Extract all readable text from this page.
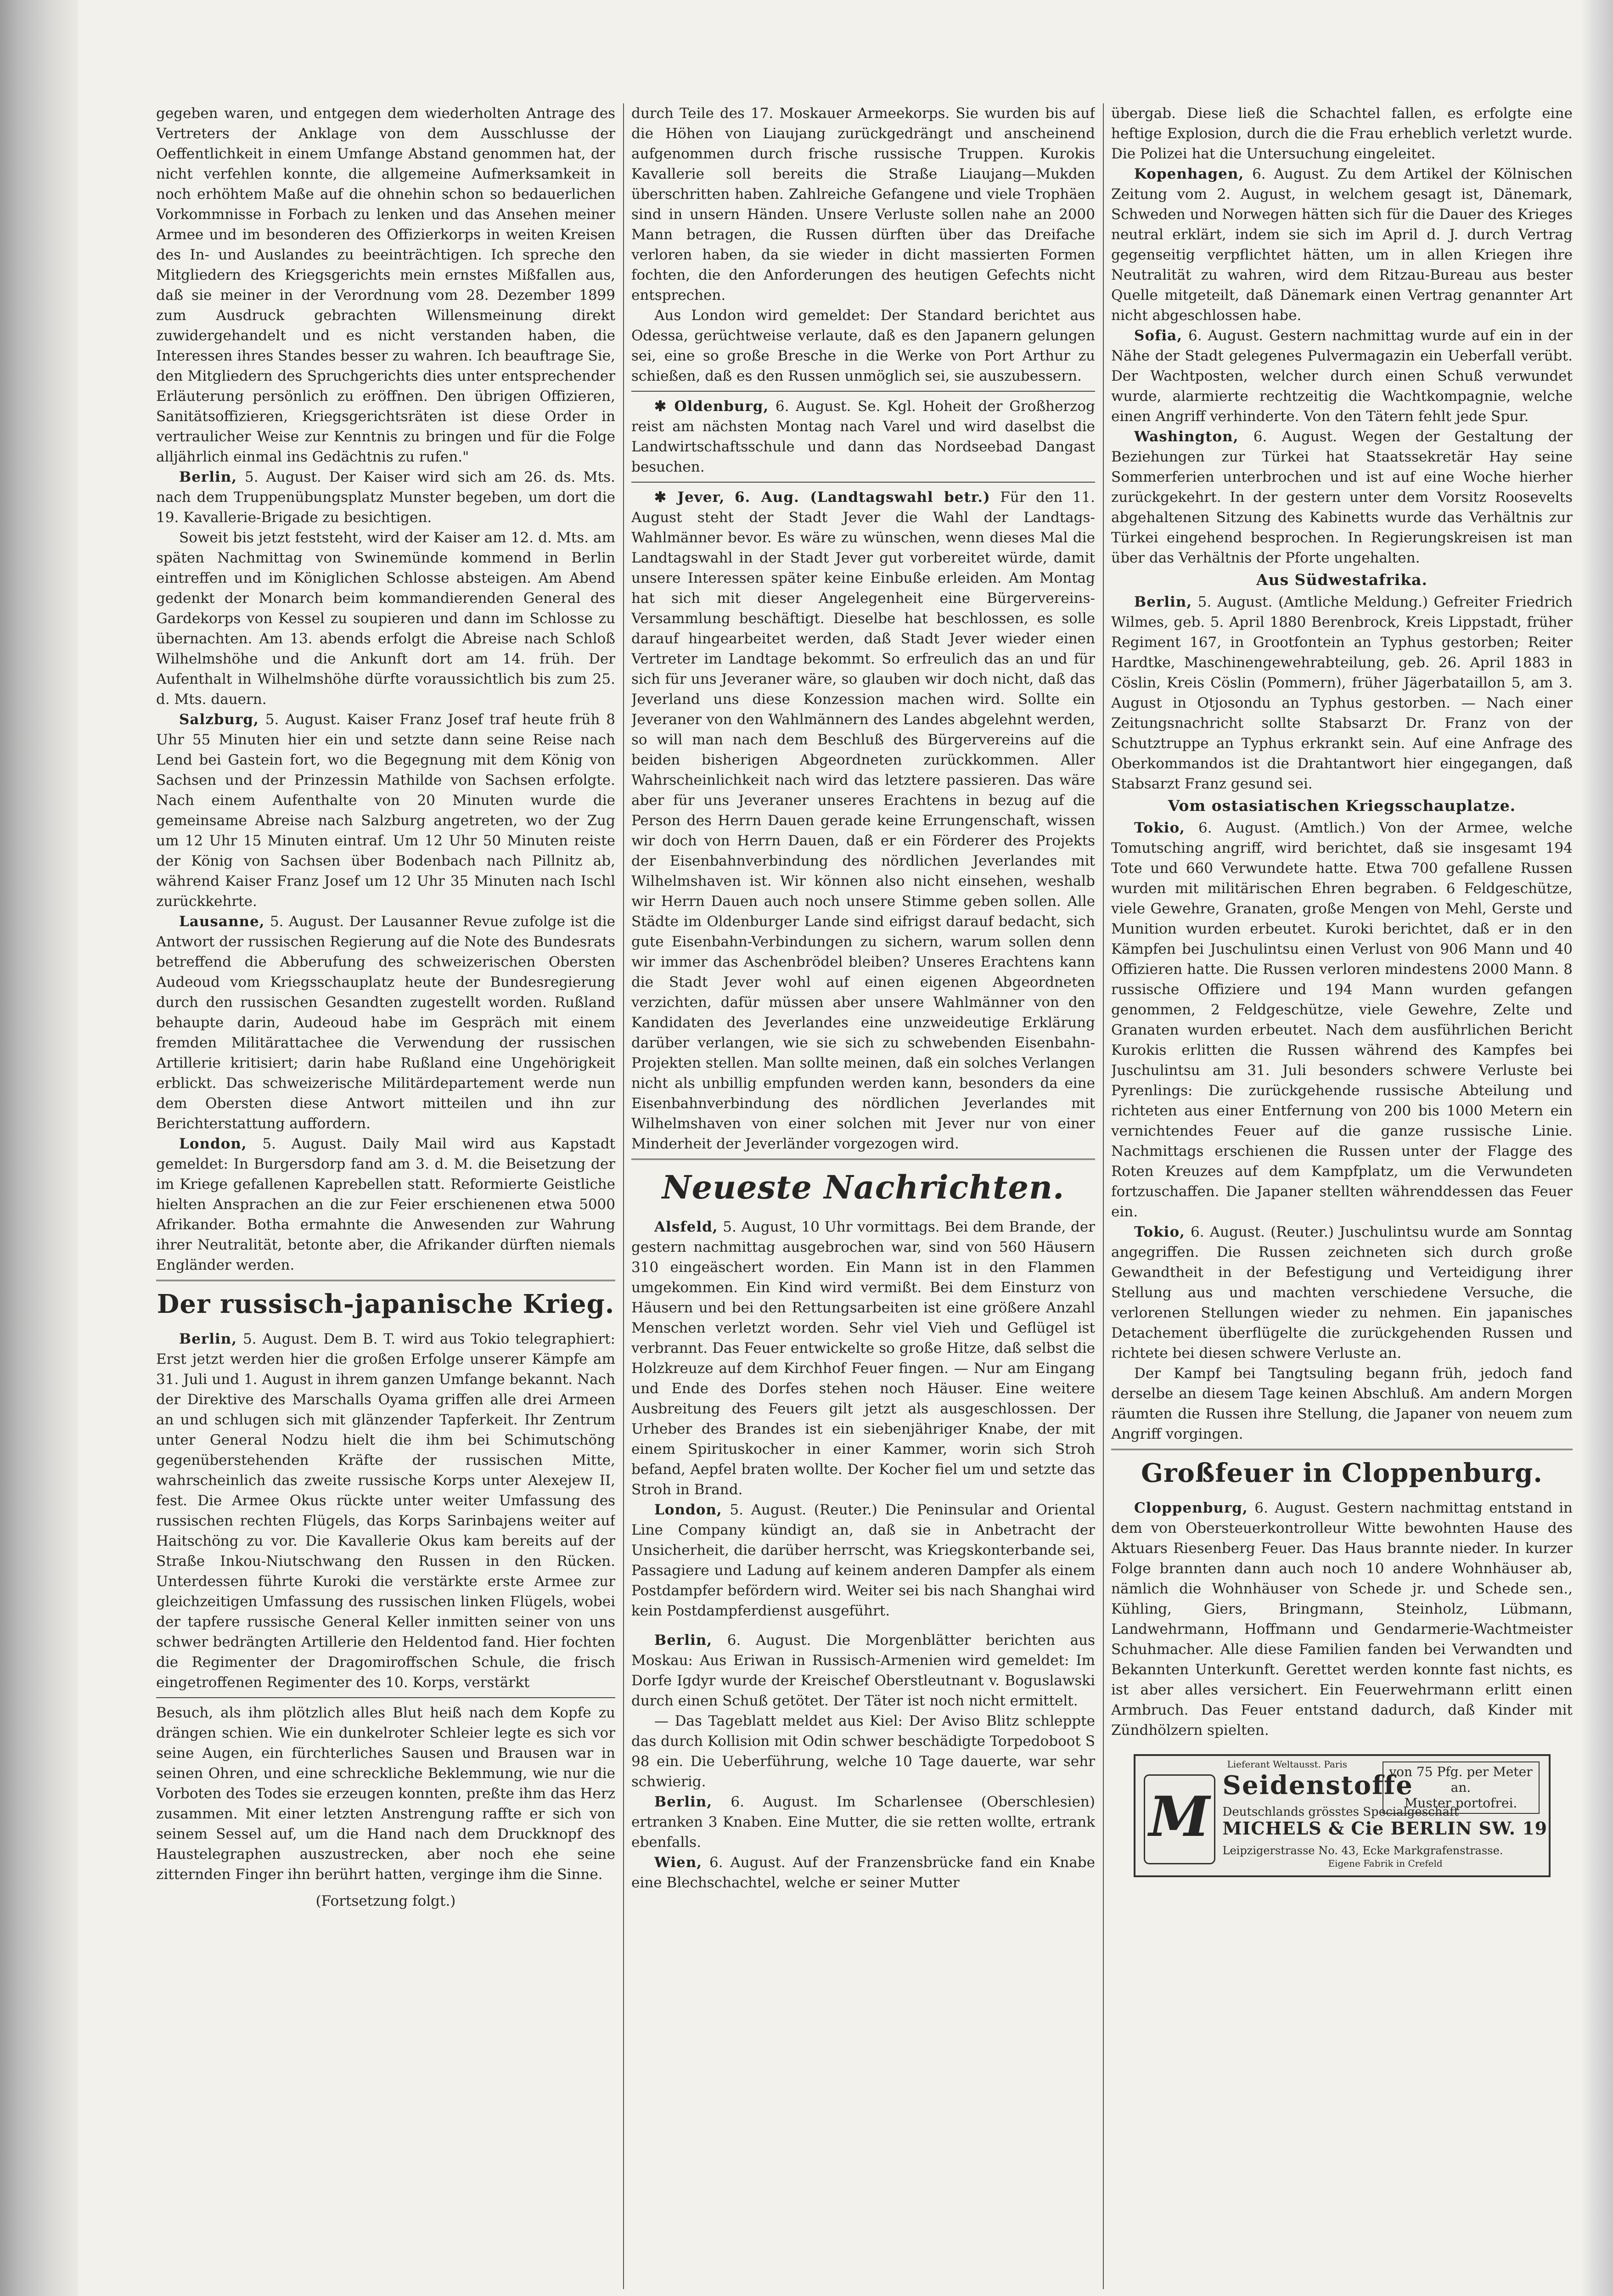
gegeben waren, und entgegen dem wiederholten Antrage des Vertreters der Anklage von dem Ausschlusse der Oeffentlichkeit in einem Umfange Abstand genommen hat, der nicht verfehlen konnte, die allgemeine Aufmerksamkeit in noch erhöhtem Maße auf die ohnehin schon so bedauerlichen Vorkommnisse in Forbach zu lenken und das Ansehen meiner Armee und im besonderen des Offizierkorps in weiten Kreisen des In- und Auslandes zu beeinträchtigen. Ich spreche den Mitgliedern des Kriegsgerichts mein ernstes Mißfallen aus, daß sie meiner in der Verordnung vom 28. Dezember 1899 zum Ausdruck gebrachten Willensmeinung direkt zuwidergehandelt und es nicht verstanden haben, die Interessen ihres Standes besser zu wahren. Ich beauftrage Sie, den Mitgliedern des Spruchgerichts dies unter entsprechender Erläuterung persönlich zu eröffnen. Den übrigen Offizieren, Sanitätsoffizieren, Kriegsgerichtsräten ist diese Order in vertraulicher Weise zur Kenntnis zu bringen und für die Folge alljährlich einmal ins Gedächtnis zu rufen."

Berlin, 5. August. Der Kaiser wird sich am 26. ds. Mts. nach dem Truppenübungsplatz Munster begeben, um dort die 19. Kavallerie-Brigade zu besichtigen.

Soweit bis jetzt feststeht, wird der Kaiser am 12. d. Mts. am späten Nachmittag von Swinemünde kommend in Berlin eintreffen und im Königlichen Schlosse absteigen. Am Abend gedenkt der Monarch beim kommandierenden General des Gardekorps von Kessel zu soupieren und dann im Schlosse zu übernachten. Am 13. abends erfolgt die Abreise nach Schloß Wilhelmshöhe und die Ankunft dort am 14. früh. Der Aufenthalt in Wilhelmshöhe dürfte voraussichtlich bis zum 25. d. Mts. dauern.

Salzburg, 5. August. Kaiser Franz Josef traf heute früh 8 Uhr 55 Minuten hier ein und setzte dann seine Reise nach Lend bei Gastein fort, wo die Begegnung mit dem König von Sachsen und der Prinzessin Mathilde von Sachsen erfolgte. Nach einem Aufenthalte von 20 Minuten wurde die gemeinsame Abreise nach Salzburg angetreten, wo der Zug um 12 Uhr 15 Minuten eintraf. Um 12 Uhr 50 Minuten reiste der König von Sachsen über Bodenbach nach Pillnitz ab, während Kaiser Franz Josef um 12 Uhr 35 Minuten nach Ischl zurückkehrte.

Lausanne, 5. August. Der Lausanner Revue zufolge ist die Antwort der russischen Regierung auf die Note des Bundesrats betreffend die Abberufung des schweizerischen Obersten Audeoud vom Kriegsschauplatz heute der Bundesregierung durch den russischen Gesandten zugestellt worden. Rußland behaupte darin, Audeoud habe im Gespräch mit einem fremden Militärattachee die Verwendung der russischen Artillerie kritisiert; darin habe Rußland eine Ungehörigkeit erblickt. Das schweizerische Militärdepartement werde nun dem Obersten diese Antwort mitteilen und ihn zur Berichterstattung auffordern.

London, 5. August. Daily Mail wird aus Kapstadt gemeldet: In Burgersdorp fand am 3. d. M. die Beisetzung der im Kriege gefallenen Kaprebellen statt. Reformierte Geistliche hielten Ansprachen an die zur Feier erschienenen etwa 5000 Afrikander. Botha ermahnte die Anwesenden zur Wahrung ihrer Neutralität, betonte aber, die Afrikander dürften niemals Engländer werden.

Der russisch-japanische Krieg.

Berlin, 5. August. Dem B. T. wird aus Tokio telegraphiert: Erst jetzt werden hier die großen Erfolge unserer Kämpfe am 31. Juli und 1. August in ihrem ganzen Umfange bekannt. Nach der Direktive des Marschalls Oyama griffen alle drei Armeen an und schlugen sich mit glänzender Tapferkeit. Ihr Zentrum unter General Nodzu hielt die ihm bei Schimutschöng gegenüberstehenden Kräfte der russischen Mitte, wahrscheinlich das zweite russische Korps unter Alexejew II, fest. Die Armee Okus rückte unter weiter Umfassung des russischen rechten Flügels, das Korps Sarinbajens weiter auf Haitschöng zu vor. Die Kavallerie Okus kam bereits auf der Straße Inkou-Niutschwang den Russen in den Rücken. Unterdessen führte Kuroki die verstärkte erste Armee zur gleichzeitigen Umfassung des russischen linken Flügels, wobei der tapfere russische General Keller inmitten seiner von uns schwer bedrängten Artillerie den Heldentod fand. Hier fochten die Regimenter der Dragomiroffschen Schule, die frisch eingetroffenen Regimenter des 10. Korps, verstärkt

Besuch, als ihm plötzlich alles Blut heiß nach dem Kopfe zu drängen schien. Wie ein dunkelroter Schleier legte es sich vor seine Augen, ein fürchterliches Sausen und Brausen war in seinen Ohren, und eine schreckliche Beklemmung, wie nur die Vorboten des Todes sie erzeugen konnten, preßte ihm das Herz zusammen. Mit einer letzten Anstrengung raffte er sich von seinem Sessel auf, um die Hand nach dem Druckknopf des Haustelegraphen auszustrecken, aber noch ehe seine zitternden Finger ihn berührt hatten, verginge ihm die Sinne.

(Fortsetzung folgt.)

durch Teile des 17. Moskauer Armeekorps. Sie wurden bis auf die Höhen von Liaujang zurückgedrängt und anscheinend aufgenommen durch frische russische Truppen. Kurokis Kavallerie soll bereits die Straße Liaujang—Mukden überschritten haben. Zahlreiche Gefangene und viele Trophäen sind in unsern Händen. Unsere Verluste sollen nahe an 2000 Mann betragen, die Russen dürften über das Dreifache verloren haben, da sie wieder in dicht massierten Formen fochten, die den Anforderungen des heutigen Gefechts nicht entsprechen.

Aus London wird gemeldet: Der Standard berichtet aus Odessa, gerüchtweise verlaute, daß es den Japanern gelungen sei, eine so große Bresche in die Werke von Port Arthur zu schießen, daß es den Russen unmöglich sei, sie auszubessern.

✱ Oldenburg, 6. August. Se. Kgl. Hoheit der Großherzog reist am nächsten Montag nach Varel und wird daselbst die Landwirtschaftsschule und dann das Nordseebad Dangast besuchen.

✱ Jever, 6. Aug. (Landtagswahl betr.) Für den 11. August steht der Stadt Jever die Wahl der Landtags-Wahlmänner bevor. Es wäre zu wünschen, wenn dieses Mal die Landtagswahl in der Stadt Jever gut vorbereitet würde, damit unsere Interessen später keine Einbuße erleiden. Am Montag hat sich mit dieser Angelegenheit eine Bürgervereins-Versammlung beschäftigt. Dieselbe hat beschlossen, es solle darauf hingearbeitet werden, daß Stadt Jever wieder einen Vertreter im Landtage bekommt. So erfreulich das an und für sich für uns Jeveraner wäre, so glauben wir doch nicht, daß das Jeverland uns diese Konzession machen wird. Sollte ein Jeveraner von den Wahlmännern des Landes abgelehnt werden, so will man nach dem Beschluß des Bürgervereins auf die beiden bisherigen Abgeordneten zurückkommen. Aller Wahrscheinlichkeit nach wird das letztere passieren. Das wäre aber für uns Jeveraner unseres Erachtens in bezug auf die Person des Herrn Dauen gerade keine Errungenschaft, wissen wir doch von Herrn Dauen, daß er ein Förderer des Projekts der Eisenbahnverbindung des nördlichen Jeverlandes mit Wilhelmshaven ist. Wir können also nicht einsehen, weshalb wir Herrn Dauen auch noch unsere Stimme geben sollen. Alle Städte im Oldenburger Lande sind eifrigst darauf bedacht, sich gute Eisenbahn-Verbindungen zu sichern, warum sollen denn wir immer das Aschenbrödel bleiben? Unseres Erachtens kann die Stadt Jever wohl auf einen eigenen Abgeordneten verzichten, dafür müssen aber unsere Wahlmänner von den Kandidaten des Jeverlandes eine unzweideutige Erklärung darüber verlangen, wie sie sich zu schwebenden Eisenbahn-Projekten stellen. Man sollte meinen, daß ein solches Verlangen nicht als unbillig empfunden werden kann, besonders da eine Eisenbahnverbindung des nördlichen Jeverlandes mit Wilhelmshaven von einer solchen mit Jever nur von einer Minderheit der Jeverländer vorgezogen wird.

Neueste Nachrichten.

Alsfeld, 5. August, 10 Uhr vormittags. Bei dem Brande, der gestern nachmittag ausgebrochen war, sind von 560 Häusern 310 eingeäschert worden. Ein Mann ist in den Flammen umgekommen. Ein Kind wird vermißt. Bei dem Einsturz von Häusern und bei den Rettungsarbeiten ist eine größere Anzahl Menschen verletzt worden. Sehr viel Vieh und Geflügel ist verbrannt. Das Feuer entwickelte so große Hitze, daß selbst die Holzkreuze auf dem Kirchhof Feuer fingen. — Nur am Eingang und Ende des Dorfes stehen noch Häuser. Eine weitere Ausbreitung des Feuers gilt jetzt als ausgeschlossen. Der Urheber des Brandes ist ein siebenjähriger Knabe, der mit einem Spirituskocher in einer Kammer, worin sich Stroh befand, Aepfel braten wollte. Der Kocher fiel um und setzte das Stroh in Brand.

London, 5. August. (Reuter.) Die Peninsular and Oriental Line Company kündigt an, daß sie in Anbetracht der Unsicherheit, die darüber herrscht, was Kriegskonterbande sei, Passagiere und Ladung auf keinem anderen Dampfer als einem Postdampfer befördern wird. Weiter sei bis nach Shanghai wird kein Postdampferdienst ausgeführt.

Berlin, 6. August. Die Morgenblätter berichten aus Moskau: Aus Eriwan in Russisch-Armenien wird gemeldet: Im Dorfe Igdyr wurde der Kreischef Oberstleutnant v. Boguslawski durch einen Schuß getötet. Der Täter ist noch nicht ermittelt.

— Das Tageblatt meldet aus Kiel: Der Aviso Blitz schleppte das durch Kollision mit Odin schwer beschädigte Torpedoboot S 98 ein. Die Ueberführung, welche 10 Tage dauerte, war sehr schwierig.

Berlin, 6. August. Im Scharlensee (Oberschlesien) ertranken 3 Knaben. Eine Mutter, die sie retten wollte, ertrank ebenfalls.

Wien, 6. August. Auf der Franzensbrücke fand ein Knabe eine Blechschachtel, welche er seiner Mutter

übergab. Diese ließ die Schachtel fallen, es erfolgte eine heftige Explosion, durch die die Frau erheblich verletzt wurde. Die Polizei hat die Untersuchung eingeleitet.

Kopenhagen, 6. August. Zu dem Artikel der Kölnischen Zeitung vom 2. August, in welchem gesagt ist, Dänemark, Schweden und Norwegen hätten sich für die Dauer des Krieges neutral erklärt, indem sie sich im April d. J. durch Vertrag gegenseitig verpflichtet hätten, um in allen Kriegen ihre Neutralität zu wahren, wird dem Ritzau-Bureau aus bester Quelle mitgeteilt, daß Dänemark einen Vertrag genannter Art nicht abgeschlossen habe.

Sofia, 6. August. Gestern nachmittag wurde auf ein in der Nähe der Stadt gelegenes Pulvermagazin ein Ueberfall verübt. Der Wachtposten, welcher durch einen Schuß verwundet wurde, alarmierte rechtzeitig die Wachtkompagnie, welche einen Angriff verhinderte. Von den Tätern fehlt jede Spur.

Washington, 6. August. Wegen der Gestaltung der Beziehungen zur Türkei hat Staatssekretär Hay seine Sommerferien unterbrochen und ist auf eine Woche hierher zurückgekehrt. In der gestern unter dem Vorsitz Roosevelts abgehaltenen Sitzung des Kabinetts wurde das Verhältnis zur Türkei eingehend besprochen. In Regierungskreisen ist man über das Verhältnis der Pforte ungehalten.

Aus Südwestafrika.

Berlin, 5. August. (Amtliche Meldung.) Gefreiter Friedrich Wilmes, geb. 5. April 1880 Berenbrock, Kreis Lippstadt, früher Regiment 167, in Grootfontein an Typhus gestorben; Reiter Hardtke, Maschinengewehrabteilung, geb. 26. April 1883 in Cöslin, Kreis Cöslin (Pommern), früher Jägerbataillon 5, am 3. August in Otjosondu an Typhus gestorben. — Nach einer Zeitungsnachricht sollte Stabsarzt Dr. Franz von der Schutztruppe an Typhus erkrankt sein. Auf eine Anfrage des Oberkommandos ist die Drahtantwort hier eingegangen, daß Stabsarzt Franz gesund sei.

Vom ostasiatischen Kriegsschauplatze.

Tokio, 6. August. (Amtlich.) Von der Armee, welche Tomutsching angriff, wird berichtet, daß sie insgesamt 194 Tote und 660 Verwundete hatte. Etwa 700 gefallene Russen wurden mit militärischen Ehren begraben. 6 Feldgeschütze, viele Gewehre, Granaten, große Mengen von Mehl, Gerste und Munition wurden erbeutet. Kuroki berichtet, daß er in den Kämpfen bei Juschulintsu einen Verlust von 906 Mann und 40 Offizieren hatte. Die Russen verloren mindestens 2000 Mann. 8 russische Offiziere und 194 Mann wurden gefangen genommen, 2 Feldgeschütze, viele Gewehre, Zelte und Granaten wurden erbeutet. Nach dem ausführlichen Bericht Kurokis erlitten die Russen während des Kampfes bei Juschulintsu am 31. Juli besonders schwere Verluste bei Pyrenlings: Die zurückgehende russische Abteilung und richteten aus einer Entfernung von 200 bis 1000 Metern ein vernichtendes Feuer auf die ganze russische Linie. Nachmittags erschienen die Russen unter der Flagge des Roten Kreuzes auf dem Kampfplatz, um die Verwundeten fortzuschaffen. Die Japaner stellten währenddessen das Feuer ein.

Tokio, 6. August. (Reuter.) Juschulintsu wurde am Sonntag angegriffen. Die Russen zeichneten sich durch große Gewandtheit in der Befestigung und Verteidigung ihrer Stellung aus und machten verschiedene Versuche, die verlorenen Stellungen wieder zu nehmen. Ein japanisches Detachement überflügelte die zurückgehenden Russen und richtete bei diesen schwere Verluste an.

Der Kampf bei Tangtsuling begann früh, jedoch fand derselbe an diesem Tage keinen Abschluß. Am andern Morgen räumten die Russen ihre Stellung, die Japaner von neuem zum Angriff vorgingen.

Großfeuer in Cloppenburg.

Cloppenburg, 6. August. Gestern nachmittag entstand in dem von Obersteuerkontrolleur Witte bewohnten Hause des Aktuars Riesenberg Feuer. Das Haus brannte nieder. In kurzer Folge brannten dann auch noch 10 andere Wohnhäuser ab, nämlich die Wohnhäuser von Schede jr. und Schede sen., Kühling, Giers, Bringmann, Steinholz, Lübmann, Landwehrmann, Hoffmann und Gendarmerie-Wachtmeister Schuhmacher. Alle diese Familien fanden bei Verwandten und Bekannten Unterkunft. Gerettet werden konnte fast nichts, es ist aber alles versichert. Ein Feuerwehrmann erlitt einen Armbruch. Das Feuer entstand dadurch, daß Kinder mit Zündhölzern spielten.

M
Lieferant Weltausst. Paris
Seidenstoffe
von 75 Pfg. per Meter an.
Muster portofrei.
Deutschlands grösstes Specialgeschäft
MICHELS & Cie BERLIN SW. 19
Leipzigerstrasse No. 43, Ecke Markgrafenstrasse.
Eigene Fabrik in Crefeld
